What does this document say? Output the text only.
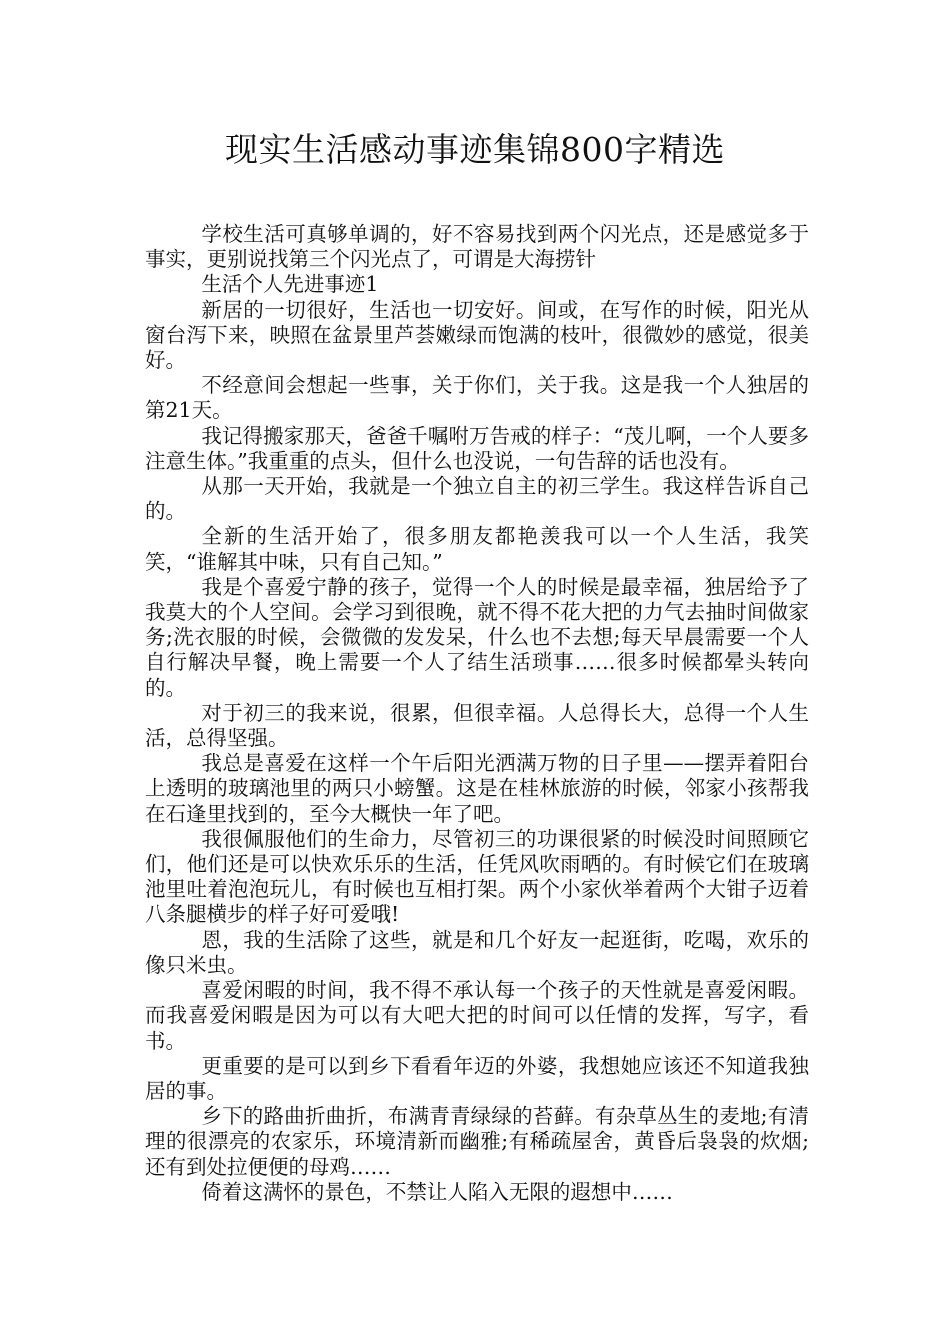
现实生活感动事迹集锦800字精选

学校生活可真够单调的，好不容易找到两个闪光点，还是感觉多于事实，更别说找第三个闪光点了，可谓是大海捞针

生活个人先进事迹1

新居的一切很好，生活也一切安好。间或，在写作的时候，阳光从窗台泻下来，映照在盆景里芦荟嫩绿而饱满的枝叶，很微妙的感觉，很美好。

不经意间会想起一些事，关于你们，关于我。这是我一个人独居的第21天。

我记得搬家那天，爸爸千嘱咐万告戒的样子：“茂儿啊，一个人要多注意生体。”我重重的点头，但什么也没说，一句告辞的话也没有。

从那一天开始，我就是一个独立自主的初三学生。我这样告诉自己的。

全新的生活开始了，很多朋友都艳羡我可以一个人生活，我笑笑，“谁解其中味，只有自己知。”

我是个喜爱宁静的孩子，觉得一个人的时候是最幸福，独居给予了我莫大的个人空间。会学习到很晚，就不得不花大把的力气去抽时间做家务;洗衣服的时候，会微微的发发呆，什么也不去想;每天早晨需要一个人自行解决早餐，晚上需要一个人了结生活琐事……很多时候都晕头转向的。

对于初三的我来说，很累，但很幸福。人总得长大，总得一个人生活，总得坚强。

我总是喜爱在这样一个午后阳光洒满万物的日子里——摆弄着阳台上透明的玻璃池里的两只小螃蟹。这是在桂林旅游的时候，邻家小孩帮我在石逢里找到的，至今大概快一年了吧。

我很佩服他们的生命力，尽管初三的功课很紧的时候没时间照顾它们，他们还是可以快欢乐乐的生活，任凭风吹雨晒的。有时候它们在玻璃池里吐着泡泡玩儿，有时候也互相打架。两个小家伙举着两个大钳子迈着八条腿横步的样子好可爱哦!

恩，我的生活除了这些，就是和几个好友一起逛街，吃喝，欢乐的像只米虫。

喜爱闲暇的时间，我不得不承认每一个孩子的天性就是喜爱闲暇。而我喜爱闲暇是因为可以有大吧大把的时间可以任情的发挥，写字，看书。

更重要的是可以到乡下看看年迈的外婆，我想她应该还不知道我独居的事。

乡下的路曲折曲折，布满青青绿绿的苔藓。有杂草丛生的麦地;有清理的很漂亮的农家乐，环境清新而幽雅;有稀疏屋舍，黄昏后袅袅的炊烟;还有到处拉便便的母鸡……

倚着这满怀的景色，不禁让人陷入无限的遐想中……
